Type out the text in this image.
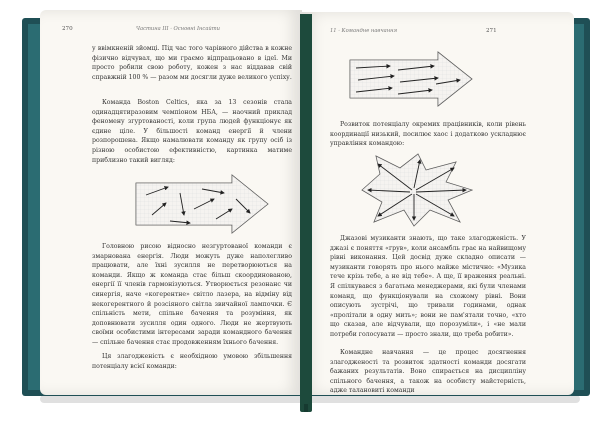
270	Частина III · Основні Інсайти
у ввімкненій зйомці. Під час того чарівного дійства в кожне фізично відчувал, що ми граємо відпрацьовано в ідеї. Ми просто робили свою роботу, кожен з нас віддавав свій справжній 100 % — разом ми досягли дуже великого успіху.
Команда Boston Celtics, яка за 13 сезонів стала одинадцятиразовим чемпіоном НБА, — наочний приклад феномену згуртованості, коли група людей функціонує як єдине ціле. У більшості команд енергії й члени розпорошена. Якщо намалювати команду як групу осіб із різною особистою ефективністю, картинка матиме приблизно такий вигляд:
Головною рисою відносно незгуртованої команди є змарнована енергія. Люди можуть дуже наполегливо працювати, але їхні зусилля не перетворюються на команди. Якщо ж команда стає більш скоординованою, енергії її членів гармонізуються. Утворюється резонанс чи синергія, наче «когерентне» світло лазера, на відміну від некогерентного й розсіяного світла звичайної лампочки. Є спільність мети, спільне бачення та розуміння, як доповнювати зусилля один одного. Люди не жертвують своїми особистими інтересами заради командного бачення — спільне бачення стає продовженням їхнього бачення.
Ця злагодженість є необхідною умовою збільшення потенціалу всієї команди:
11 · Командне навчання	271
Розвиток потенціалу окремих працівників, коли рівень координації низький, посилює хаос і додатково ускладнює управління командою:
Джазові музиканти знають, що таке злагодженість. У джазі є поняття «грув», коли ансамбль грає на найвищому рівні виконання. Цей досвід дуже складно описати — музиканти говорять про нього майже містично: «Музика тече крізь тебе, а не від тебе». А ще, її враження реальні. Я спілкувався з багатьма менеджерами, які були членами команд, що функціонували на схожому рівні. Вони описують зустрічі, що тривали годинами, однак «пролітали в одну мить»; вони не пам'ятали точно, «хто що сказав, але відчували, що порозуміли», і «не мали потреби голосувати — просто знали, що треба робити».
Командне навчання — це процес досягнення злагодженості та розвиток здатності команди досягати бажаних результатів. Воно спирається на дисципліну спільного бачення, а також на особисту майстерність, адже талановиті команди
